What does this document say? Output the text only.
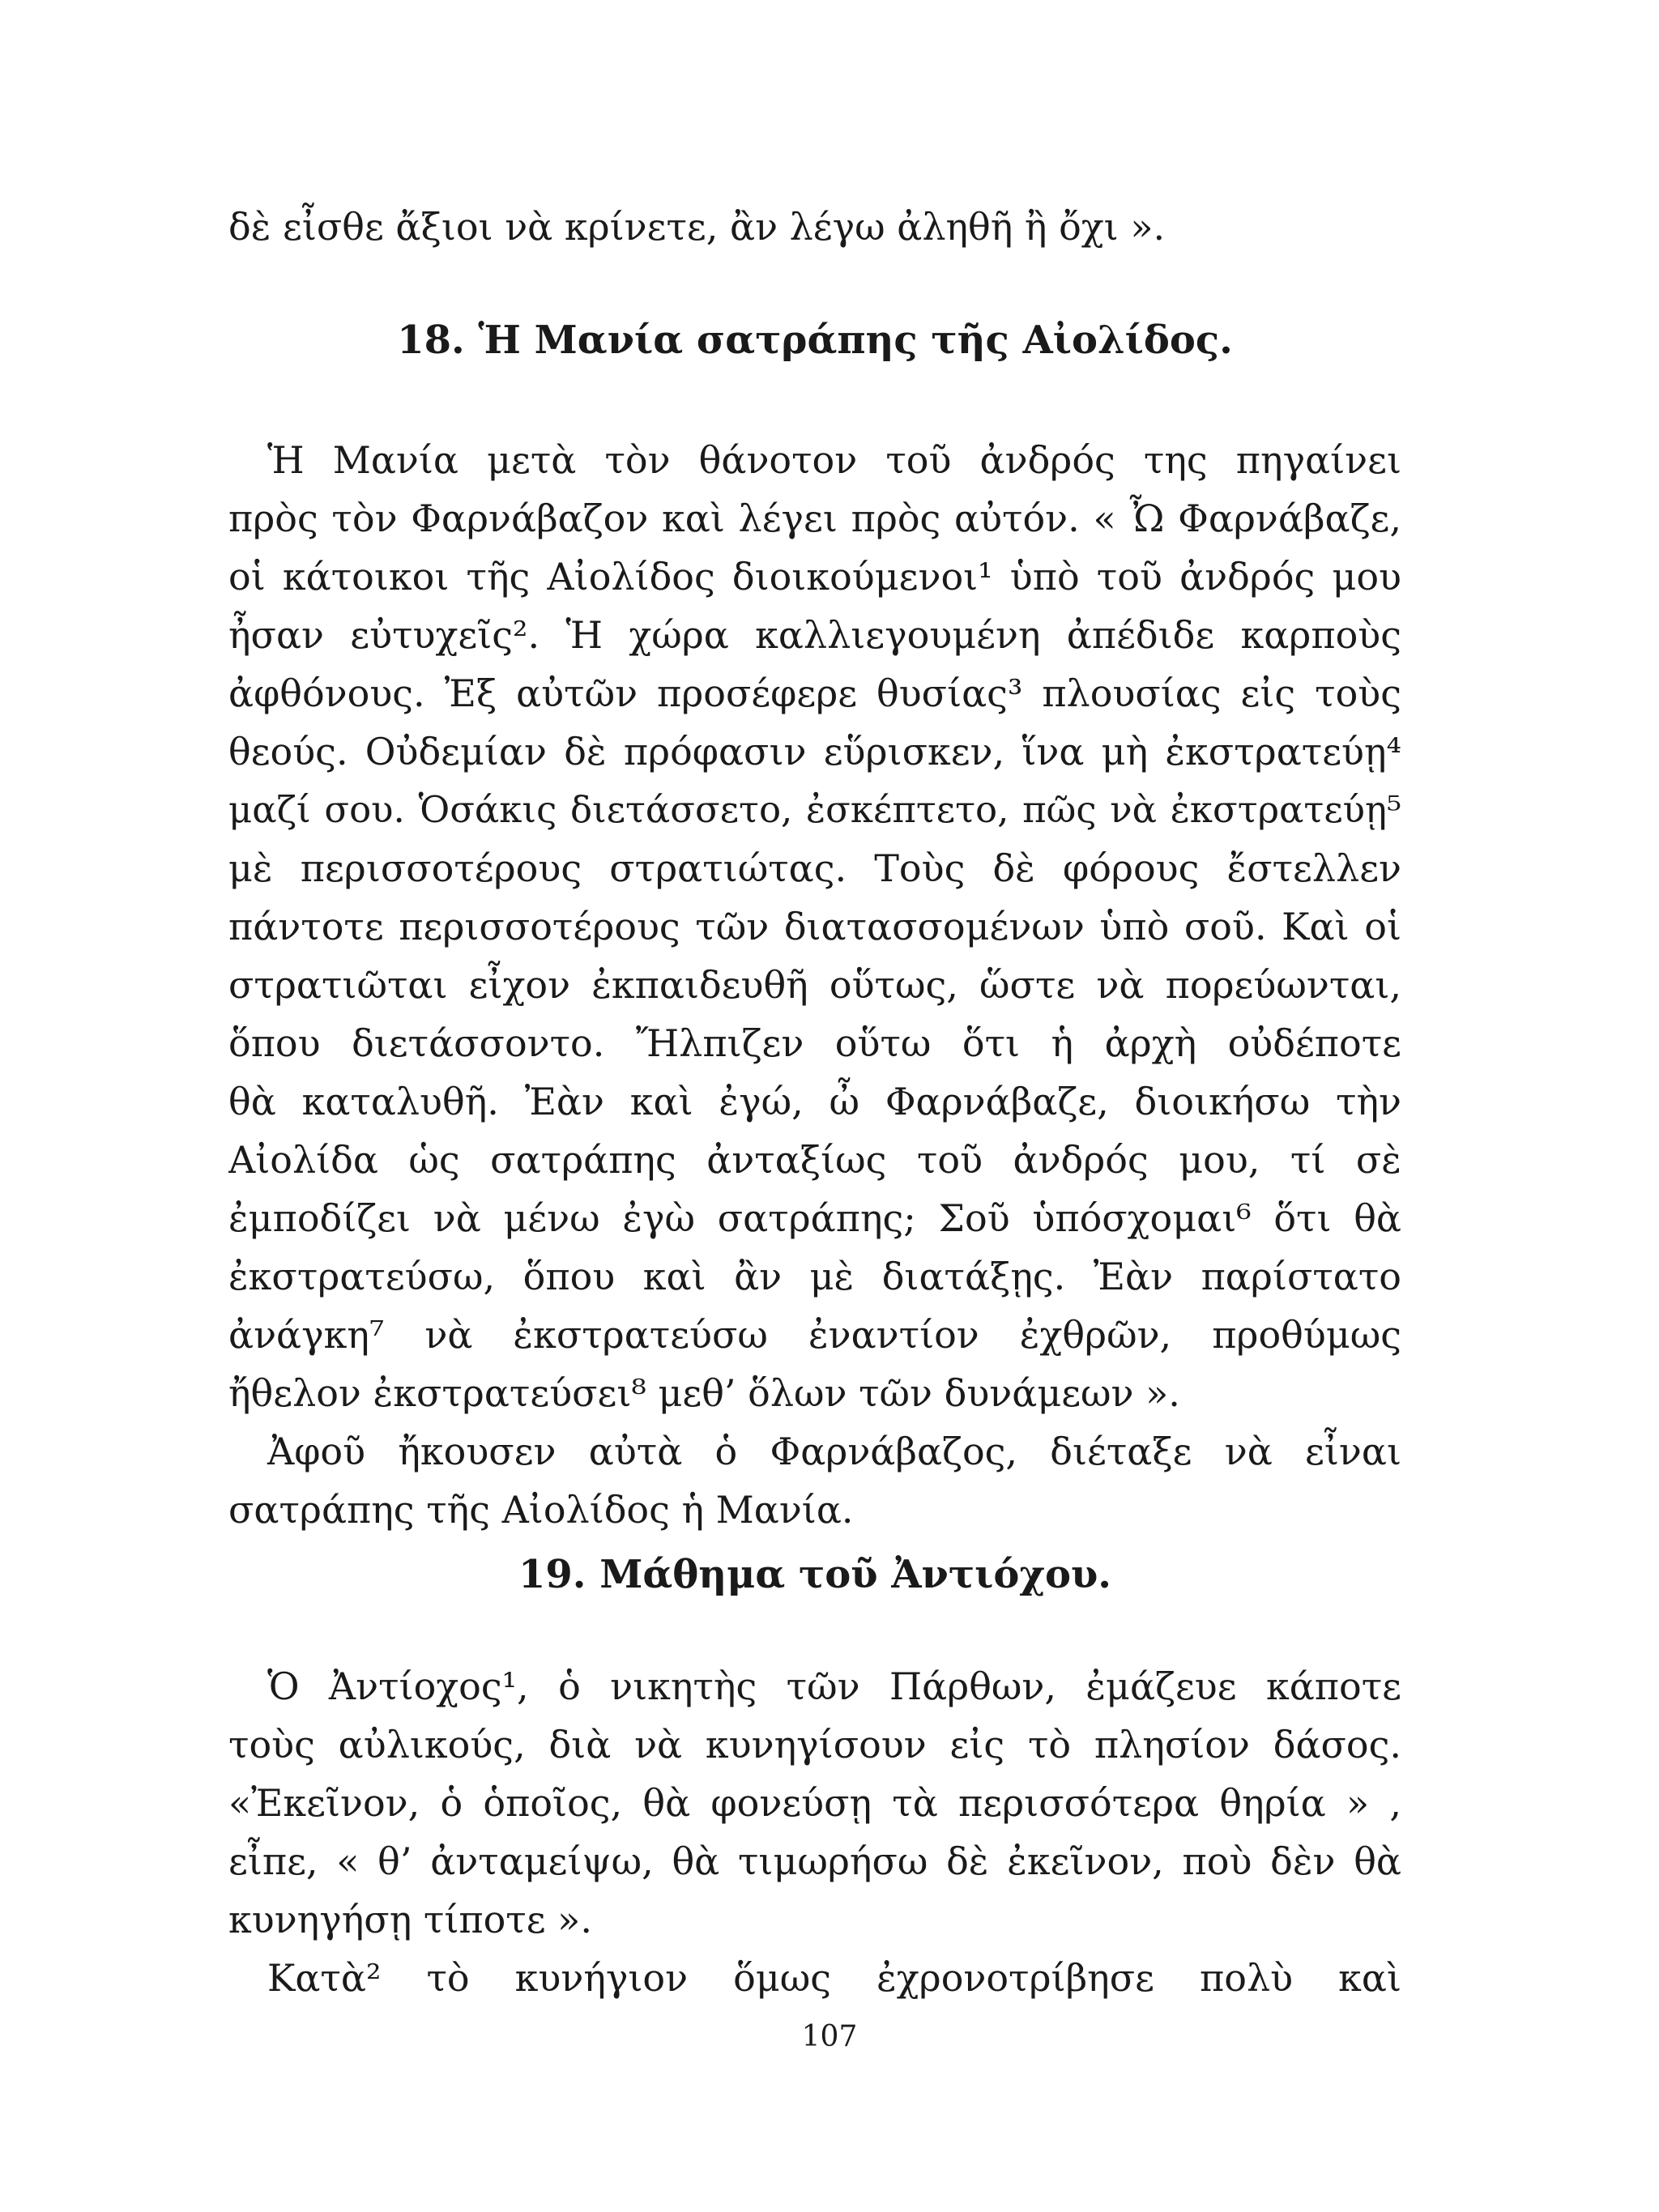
δὲ εἶσθε ἄξιοι νὰ κρίνετε, ἂν λέγω ἀληθῆ ἢ ὄχι ».
18. Ἡ Μανία σατράπης τῆς Αἰολίδος.
Ἡ Μανία μετὰ τὸν θάνοτον τοῦ ἀνδρός της πηγαίνει
πρὸς τὸν Φαρνάβαζον καὶ λέγει πρὸς αὐτόν. « Ὦ Φαρνάβαζε,
οἱ κάτοικοι τῆς Αἰολίδος διοικούμενοι¹ ὑπὸ τοῦ ἀνδρός μου
ἦσαν εὐτυχεῖς². Ἡ χώρα καλλιεγουμένη ἀπέδιδε καρποὺς
ἀφθόνους. Ἐξ αὐτῶν προσέφερε θυσίας³ πλουσίας εἰς τοὺς
θεούς. Οὐδεμίαν δὲ πρόφασιν εὕρισκεν, ἵνα μὴ ἐκστρατεύῃ⁴
μαζί σου. Ὁσάκις διετάσσετο, ἐσκέπτετο, πῶς νὰ ἐκστρατεύῃ⁵
μὲ περισσοτέρους στρατιώτας. Τοὺς δὲ φόρους ἔστελλεν
πάντοτε περισσοτέρους τῶν διατασσομένων ὑπὸ σοῦ. Καὶ οἱ
στρατιῶται εἶχον ἐκπαιδευθῆ οὕτως, ὥστε νὰ πορεύωνται,
ὅπου διετάσσοντο. Ἤλπιζεν οὕτω ὅτι ἡ ἀρχὴ οὐδέποτε
θὰ καταλυθῆ. Ἐὰν καὶ ἐγώ, ὦ Φαρνάβαζε, διοικήσω τὴν
Αἰολίδα ὡς σατράπης ἀνταξίως τοῦ ἀνδρός μου, τί σὲ
ἐμποδίζει νὰ μένω ἐγὼ σατράπης; Σοῦ ὑπόσχομαι⁶ ὅτι θὰ
ἐκστρατεύσω, ὅπου καὶ ἂν μὲ διατάξῃς. Ἐὰν παρίστατο
ἀνάγκη⁷ νὰ ἐκστρατεύσω ἐναντίον ἐχθρῶν, προθύμως
ἤθελον ἐκστρατεύσει⁸ μεθ’ ὅλων τῶν δυνάμεων ».
Ἀφοῦ ἤκουσεν αὐτὰ ὁ Φαρνάβαζος, διέταξε νὰ εἶναι
σατράπης τῆς Αἰολίδος ἡ Μανία.
19. Μάθημα τοῦ Ἀντιόχου.
Ὁ Ἀντίοχος¹, ὁ νικητὴς τῶν Πάρθων, ἐμάζευε κάποτε
τοὺς αὐλικούς, διὰ νὰ κυνηγίσουν εἰς τὸ πλησίον δάσος.
«Ἐκεῖνον, ὁ ὁποῖος, θὰ φονεύσῃ τὰ περισσότερα θηρία » ,
εἶπε, « θ’ ἀνταμείψω, θὰ τιμωρήσω δὲ ἐκεῖνον, ποὺ δὲν θὰ
κυνηγήσῃ τίποτε ».
Κατὰ² τὸ κυνήγιον ὅμως ἐχρονοτρίβησε πολὺ καὶ
107
